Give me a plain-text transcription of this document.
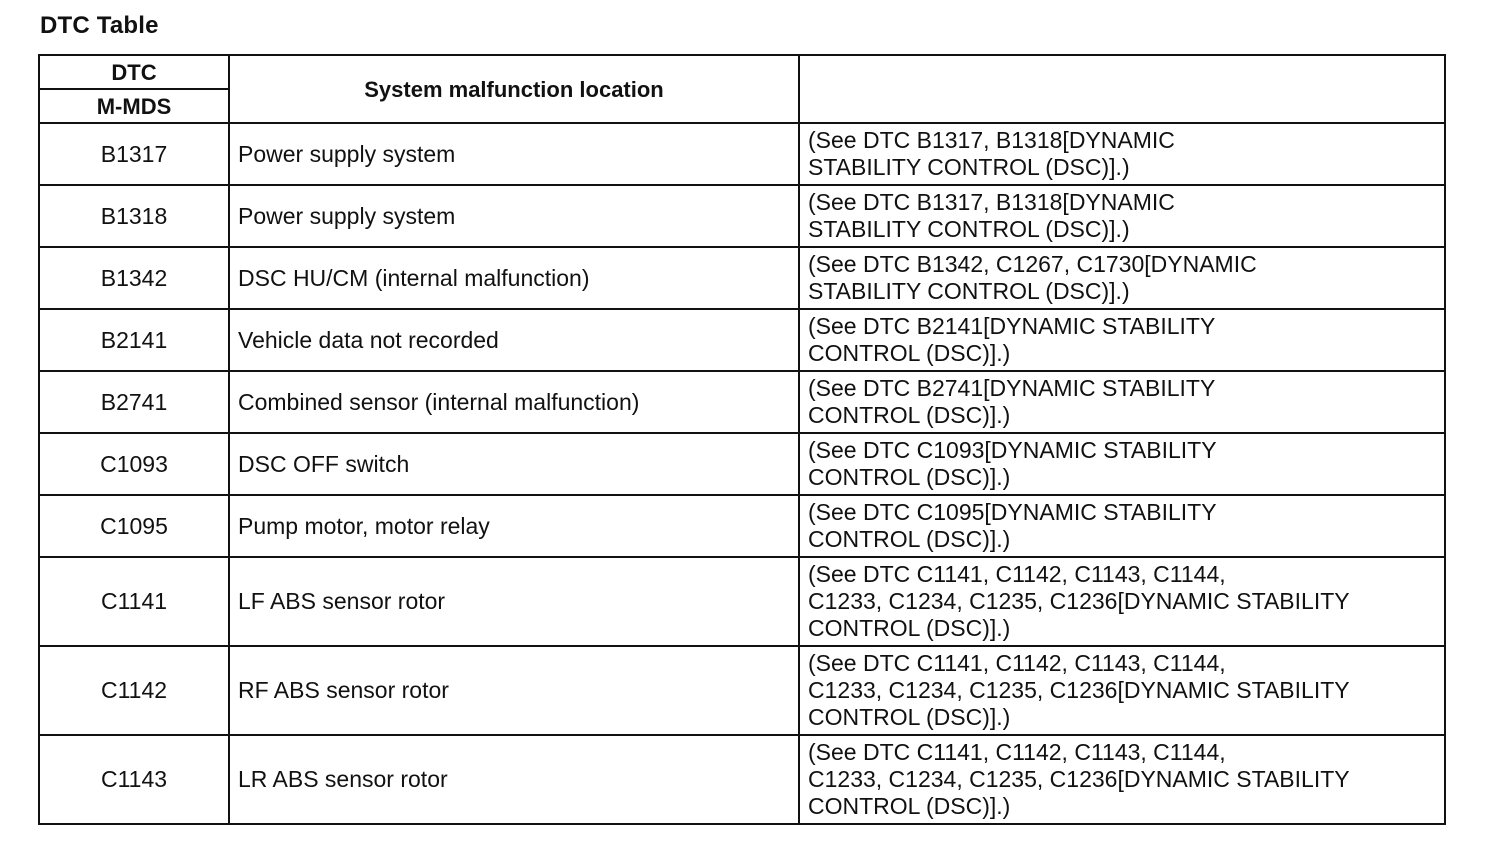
DTC Table
DTC	System malfunction location	
M-MDS		
B1317	Power supply system	(See DTC B1317, B1318[DYNAMIC
STABILITY CONTROL (DSC)].)

B1318	Power supply system	(See DTC B1317, B1318[DYNAMIC
STABILITY CONTROL (DSC)].)

B1342	DSC HU/CM (internal malfunction)	(See DTC B1342, C1267, C1730[DYNAMIC
STABILITY CONTROL (DSC)].)

B2141	Vehicle data not recorded	(See DTC B2141[DYNAMIC STABILITY
CONTROL (DSC)].)

B2741	Combined sensor (internal malfunction)	(See DTC B2741[DYNAMIC STABILITY
CONTROL (DSC)].)

C1093	DSC OFF switch	(See DTC C1093[DYNAMIC STABILITY
CONTROL (DSC)].)

C1095	Pump motor, motor relay	(See DTC C1095[DYNAMIC STABILITY
CONTROL (DSC)].)

C1141	LF ABS sensor rotor	(See DTC C1141, C1142, C1143, C1144,
C1233, C1234, C1235, C1236[DYNAMIC STABILITY
CONTROL (DSC)].)

C1142	RF ABS sensor rotor	(See DTC C1141, C1142, C1143, C1144,
C1233, C1234, C1235, C1236[DYNAMIC STABILITY
CONTROL (DSC)].)

C1143	LR ABS sensor rotor	(See DTC C1141, C1142, C1143, C1144,
C1233, C1234, C1235, C1236[DYNAMIC STABILITY
CONTROL (DSC)].)
